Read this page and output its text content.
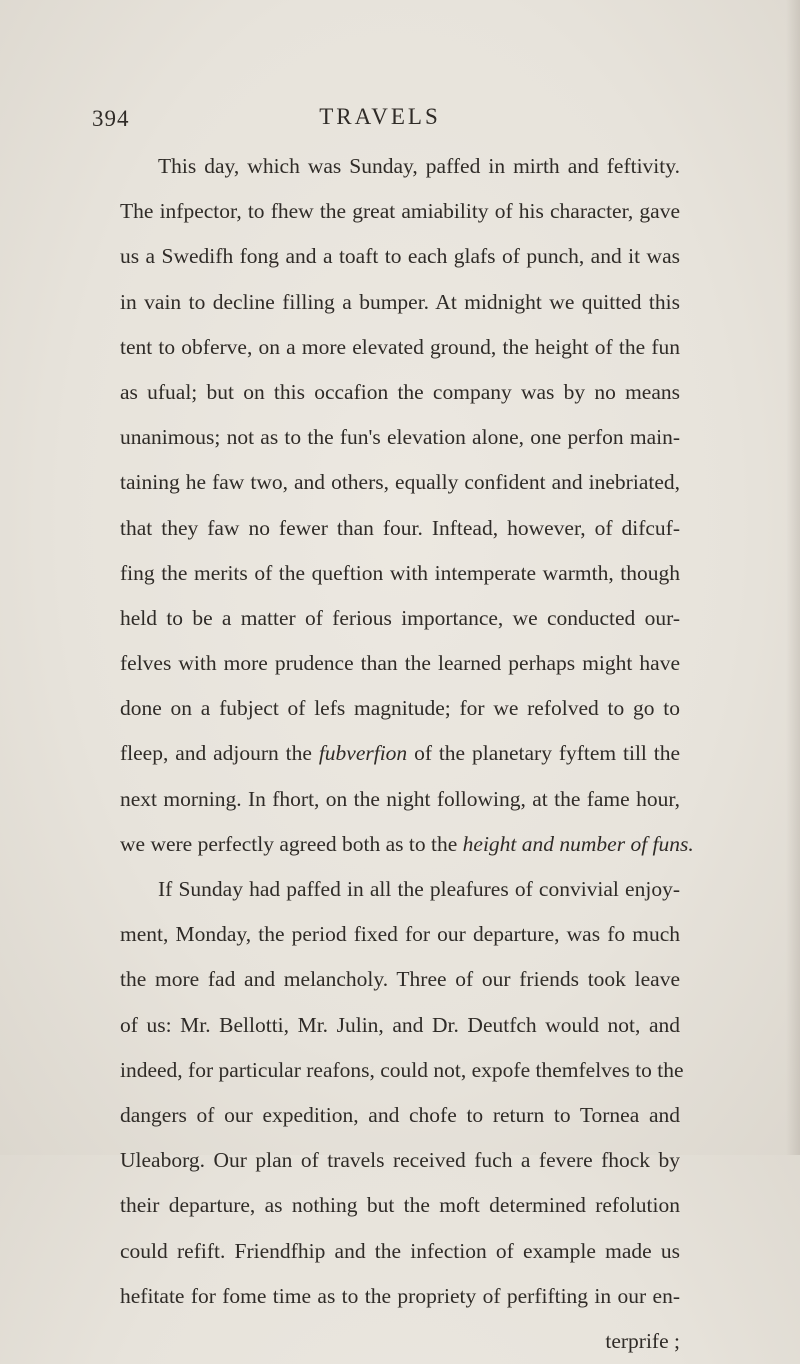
394	TRAVELS
This day, which was Sunday, paffed in mirth and feftivity.
The infpector, to fhew the great amiability of his character, gave
us a Swedifh fong and a toaft to each glafs of punch, and it was
in vain to decline filling a bumper. At midnight we quitted this
tent to obferve, on a more elevated ground, the height of the fun
as ufual; but on this occafion the company was by no means
unanimous; not as to the fun's elevation alone, one perfon main-
taining he faw two, and others, equally confident and inebriated,
that they faw no fewer than four. Inftead, however, of difcuf-
fing the merits of the queftion with intemperate warmth, though
held to be a matter of ferious importance, we conducted our-
felves with more prudence than the learned perhaps might have
done on a fubject of lefs magnitude; for we refolved to go to
fleep, and adjourn the fubverfion of the planetary fyftem till the
next morning. In fhort, on the night following, at the fame hour,
we were perfectly agreed both as to the height and number of funs.
If Sunday had paffed in all the pleafures of convivial enjoy-
ment, Monday, the period fixed for our departure, was fo much
the more fad and melancholy. Three of our friends took leave
of us: Mr. Bellotti, Mr. Julin, and Dr. Deutfch would not, and
indeed, for particular reafons, could not, expofe themfelves to the
dangers of our expedition, and chofe to return to Tornea and
Uleaborg. Our plan of travels received fuch a fevere fhock by
their departure, as nothing but the moft determined refolution
could refift. Friendfhip and the infection of example made us
hefitate for fome time as to the propriety of perfifting in our en-
terprife ;
